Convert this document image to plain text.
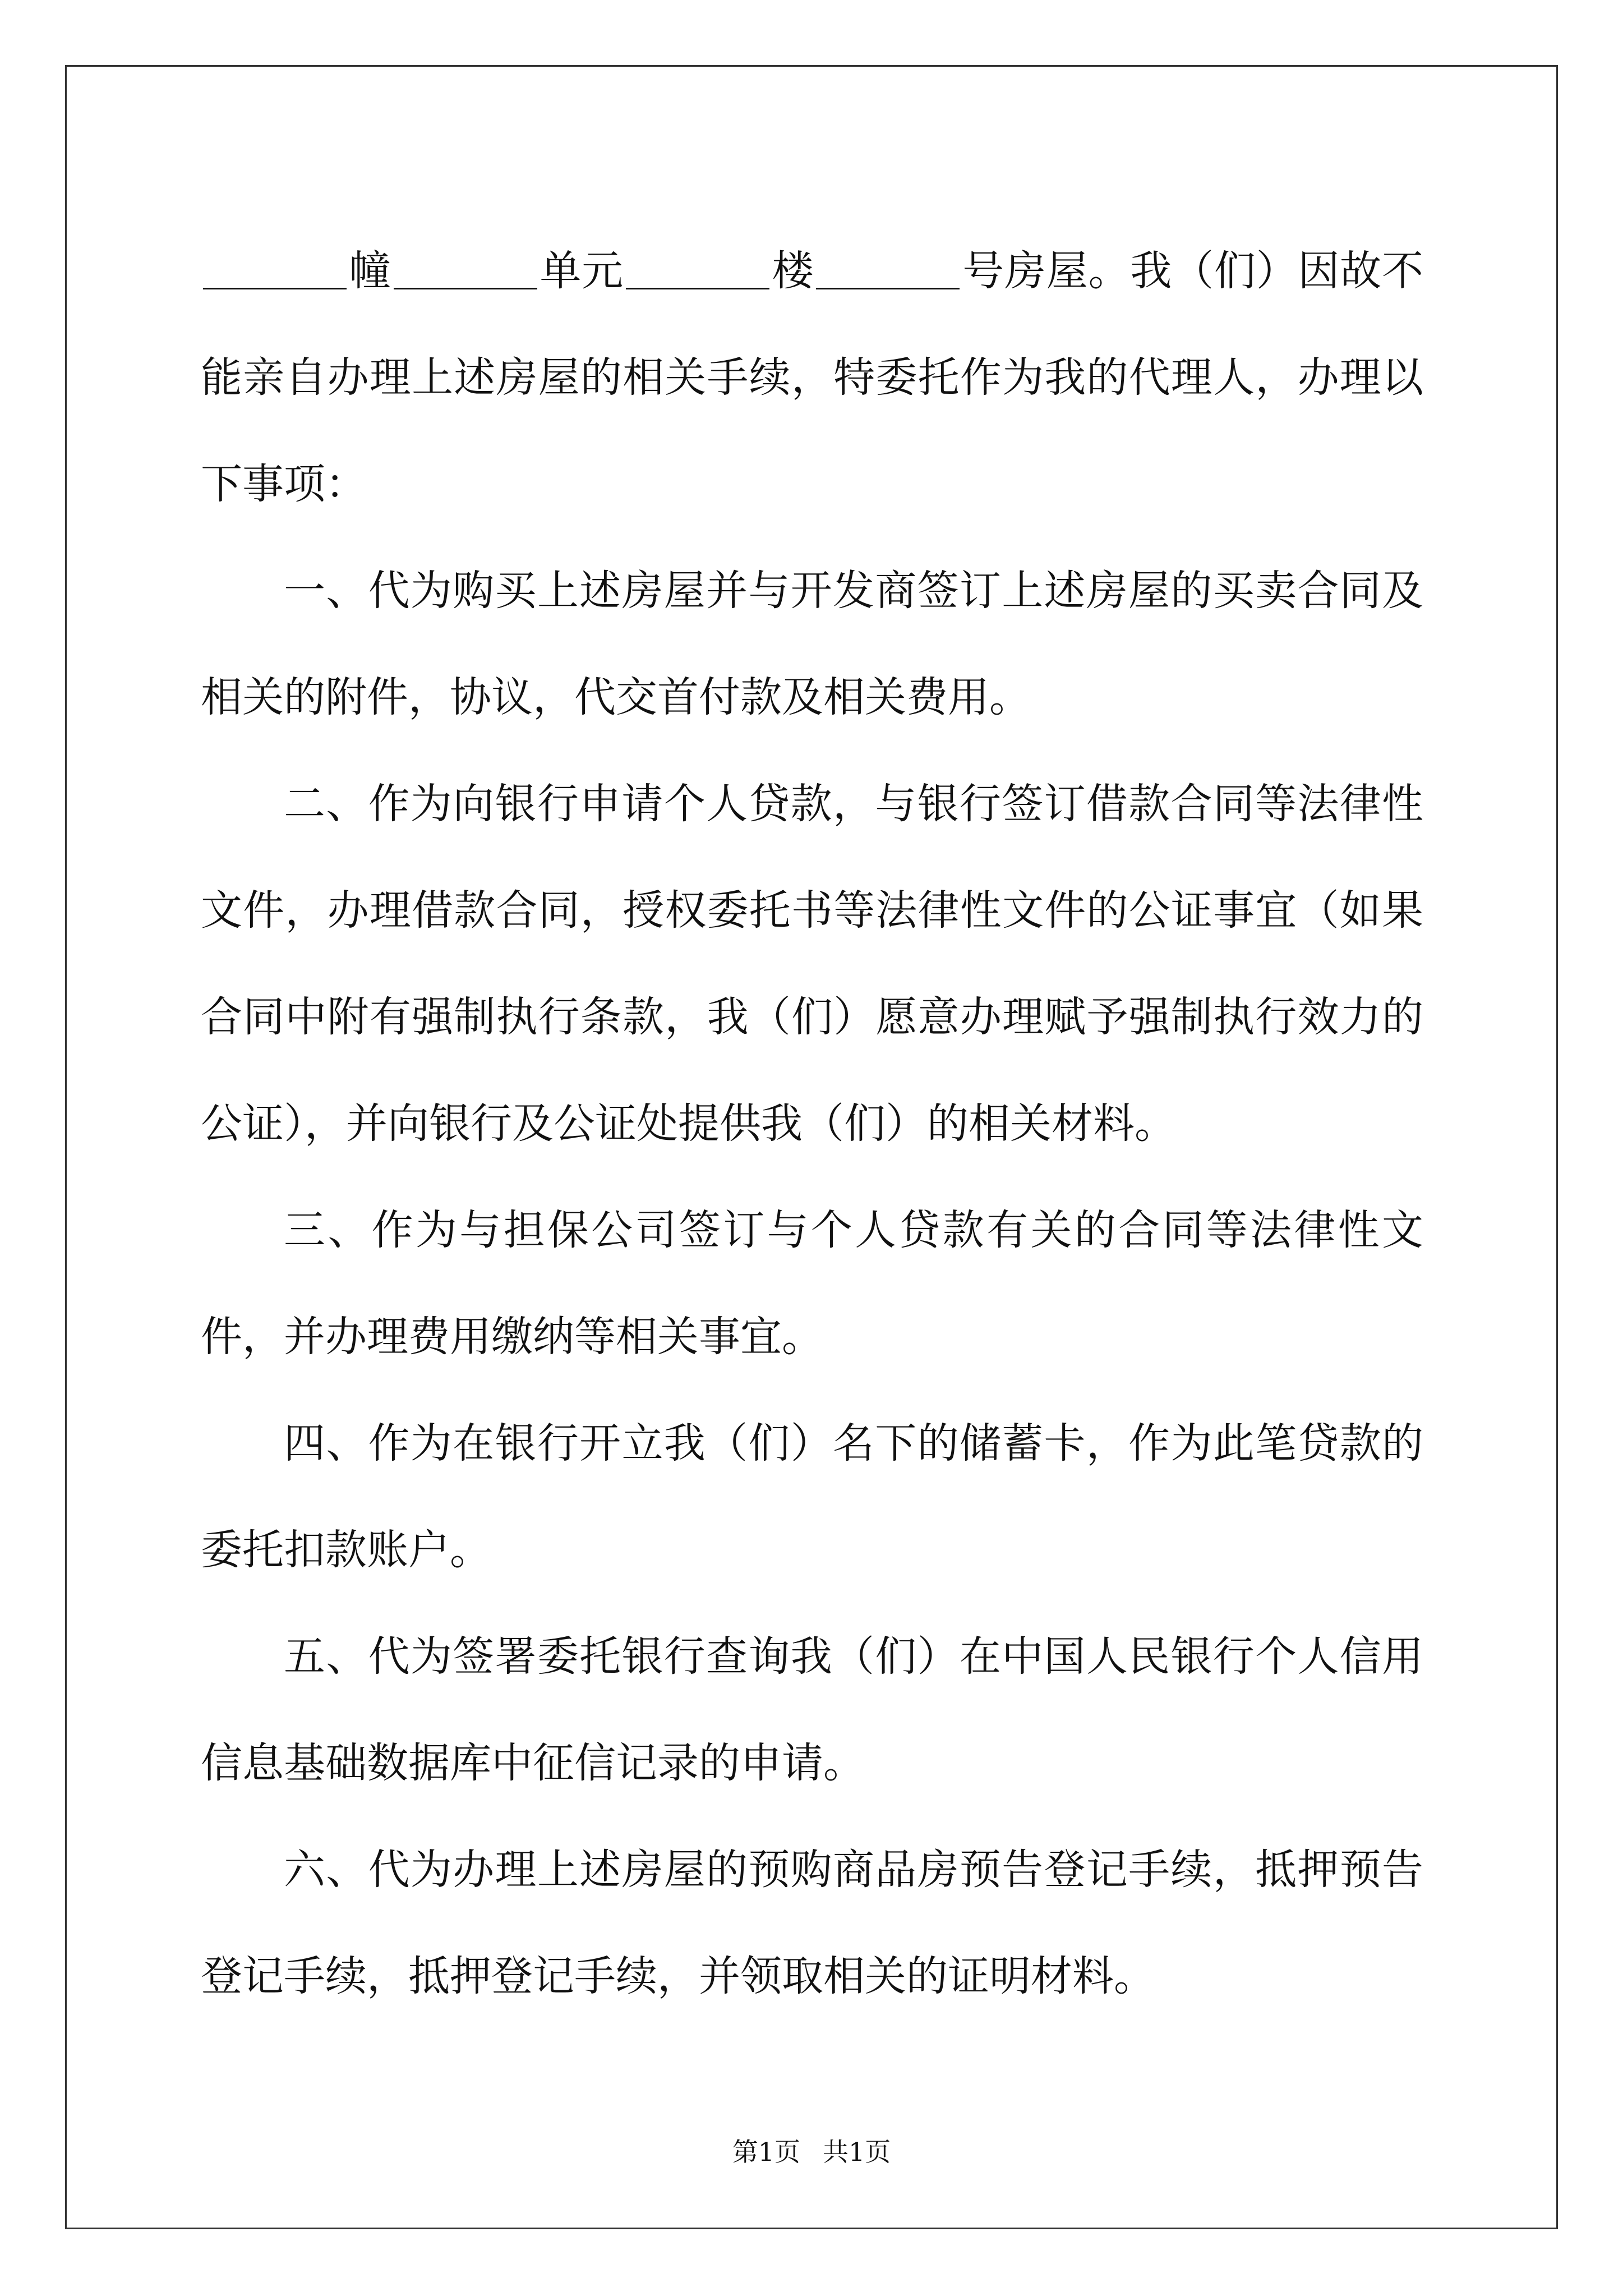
幢	单元	楼	号房屋。我（们）因故不能亲自办理上述房屋的相关手续，特委托作为我的代理人，办理以下事项：

一、代为购买上述房屋并与开发商签订上述房屋的买卖合同及相关的附件，协议，代交首付款及相关费用。

二、作为向银行申请个人贷款，与银行签订借款合同等法律性文件，办理借款合同，授权委托书等法律性文件的公证事宜（如果合同中附有强制执行条款，我（们）愿意办理赋予强制执行效力的公证），并向银行及公证处提供我（们）的相关材料。

三、作为与担保公司签订与个人贷款有关的合同等法律性文件，并办理费用缴纳等相关事宜。

四、作为在银行开立我（们）名下的储蓄卡，作为此笔贷款的委托扣款账户。

五、代为签署委托银行查询我（们）在中国人民银行个人信用信息基础数据库中征信记录的申请。

六、代为办理上述房屋的预购商品房预告登记手续，抵押预告登记手续，抵押登记手续，并领取相关的证明材料。

第1页 共1页
